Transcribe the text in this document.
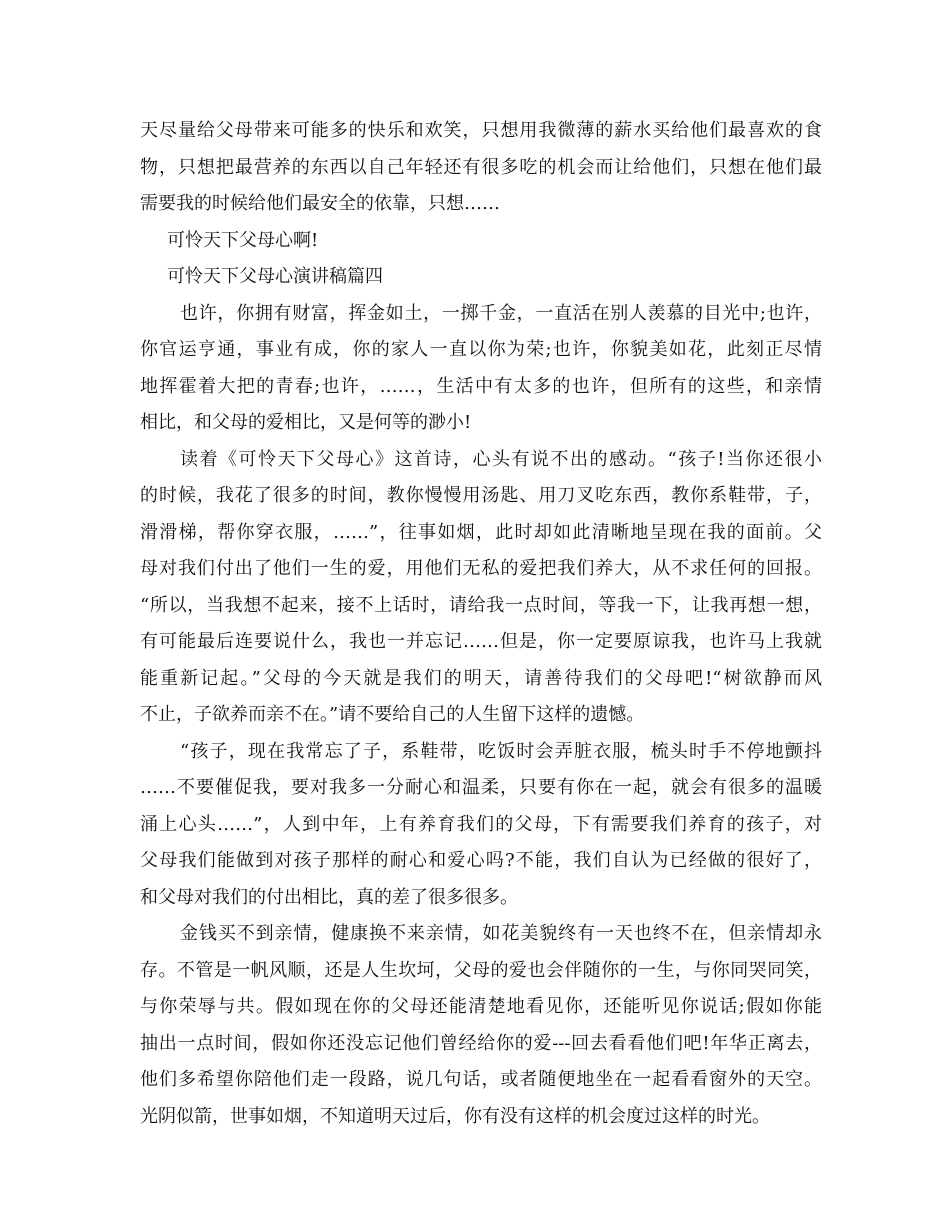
天尽量给父母带来可能多的快乐和欢笑，只想用我微薄的薪水买给他们最喜欢的食
物，只想把最营养的东西以自己年轻还有很多吃的机会而让给他们，只想在他们最
需要我的时候给他们最安全的依靠，只想……
可怜天下父母心啊!
可怜天下父母心演讲稿篇四
也许，你拥有财富，挥金如土，一掷千金，一直活在别人羡慕的目光中;也许，
你官运亨通，事业有成，你的家人一直以你为荣;也许，你貌美如花，此刻正尽情
地挥霍着大把的青春;也许，……，生活中有太多的也许，但所有的这些，和亲情
相比，和父母的爱相比，又是何等的渺小!
读着《可怜天下父母心》这首诗，心头有说不出的感动。“孩子!当你还很小
的时候，我花了很多的时间，教你慢慢用汤匙、用刀叉吃东西，教你系鞋带，子，
滑滑梯，帮你穿衣服，……”，往事如烟，此时却如此清晰地呈现在我的面前。父
母对我们付出了他们一生的爱，用他们无私的爱把我们养大，从不求任何的回报。
“所以，当我想不起来，接不上话时，请给我一点时间，等我一下，让我再想一想，
有可能最后连要说什么，我也一并忘记……但是，你一定要原谅我，也许马上我就
能重新记起。”父母的今天就是我们的明天，请善待我们的父母吧!“树欲静而风
不止，子欲养而亲不在。”请不要给自己的人生留下这样的遗憾。
“孩子，现在我常忘了子，系鞋带，吃饭时会弄脏衣服，梳头时手不停地颤抖
……不要催促我，要对我多一分耐心和温柔，只要有你在一起，就会有很多的温暖
涌上心头……”，人到中年，上有养育我们的父母，下有需要我们养育的孩子，对
父母我们能做到对孩子那样的耐心和爱心吗?不能，我们自认为已经做的很好了，
和父母对我们的付出相比，真的差了很多很多。
金钱买不到亲情，健康换不来亲情，如花美貌终有一天也终不在，但亲情却永
存。不管是一帆风顺，还是人生坎坷，父母的爱也会伴随你的一生，与你同哭同笑，
与你荣辱与共。假如现在你的父母还能清楚地看见你，还能听见你说话;假如你能
抽出一点时间，假如你还没忘记他们曾经给你的爱---回去看看他们吧!年华正离去，
他们多希望你陪他们走一段路，说几句话，或者随便地坐在一起看看窗外的天空。
光阴似箭，世事如烟，不知道明天过后，你有没有这样的机会度过这样的时光。
